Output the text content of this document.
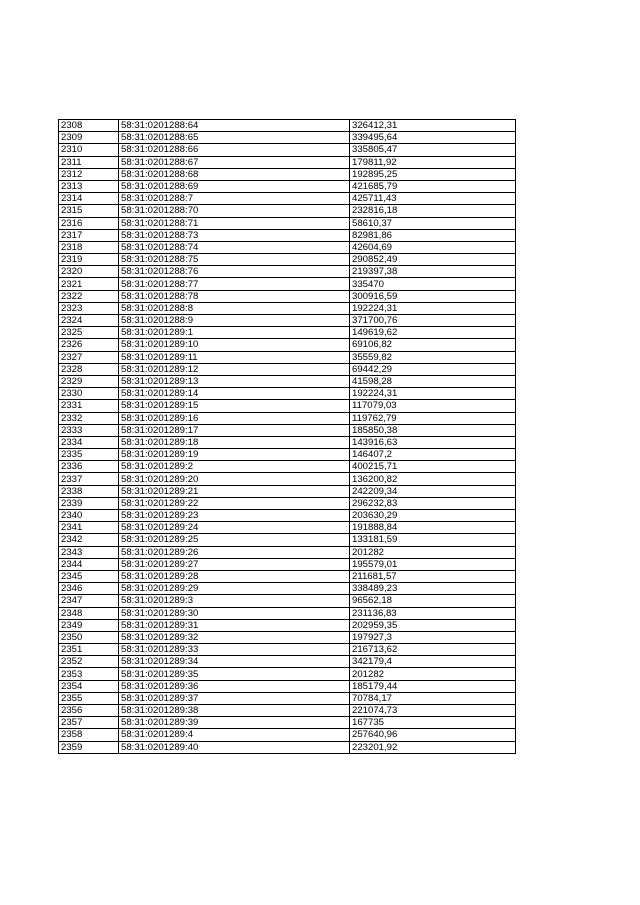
2308	58:31:0201288:64	326412,31
2309	58:31:0201288:65	339495,64
2310	58:31:0201288:66	335805,47
2311	58:31:0201288:67	179811,92
2312	58:31:0201288:68	192895,25
2313	58:31:0201288:69	421685,79
2314	58:31:0201288:7	425711,43
2315	58:31:0201288:70	232816,18
2316	58:31:0201288:71	58610,37
2317	58:31:0201288:73	82981,86
2318	58:31:0201288:74	42604,69
2319	58:31:0201288:75	290852,49
2320	58:31:0201288:76	219397,38
2321	58:31:0201288:77	335470
2322	58:31:0201288:78	300916,59
2323	58:31:0201288:8	192224,31
2324	58:31:0201288:9	371700,76
2325	58:31:0201289:1	149619,62
2326	58:31:0201289:10	69106,82
2327	58:31:0201289:11	35559,82
2328	58:31:0201289:12	69442,29
2329	58:31:0201289:13	41598,28
2330	58:31:0201289:14	192224,31
2331	58:31:0201289:15	117079,03
2332	58:31:0201289:16	119762,79
2333	58:31:0201289:17	185850,38
2334	58:31:0201289:18	143916,63
2335	58:31:0201289:19	146407,2
2336	58:31:0201289:2	400215,71
2337	58:31:0201289:20	136200,82
2338	58:31:0201289:21	242209,34
2339	58:31:0201289:22	296232,83
2340	58:31:0201289:23	203630,29
2341	58:31:0201289:24	191888,84
2342	58:31:0201289:25	133181,59
2343	58:31:0201289:26	201282
2344	58:31:0201289:27	195579,01
2345	58:31:0201289:28	211681,57
2346	58:31:0201289:29	338489,23
2347	58:31:0201289:3	96562,18
2348	58:31:0201289:30	231136,83
2349	58:31:0201289:31	202959,35
2350	58:31:0201289:32	197927,3
2351	58:31:0201289:33	216713,62
2352	58:31:0201289:34	342179,4
2353	58:31:0201289:35	201282
2354	58:31:0201289:36	185179,44
2355	58:31:0201289:37	70784,17
2356	58:31:0201289:38	221074,73
2357	58:31:0201289:39	167735
2358	58:31:0201289:4	257640,96
2359	58:31:0201289:40	223201,92
